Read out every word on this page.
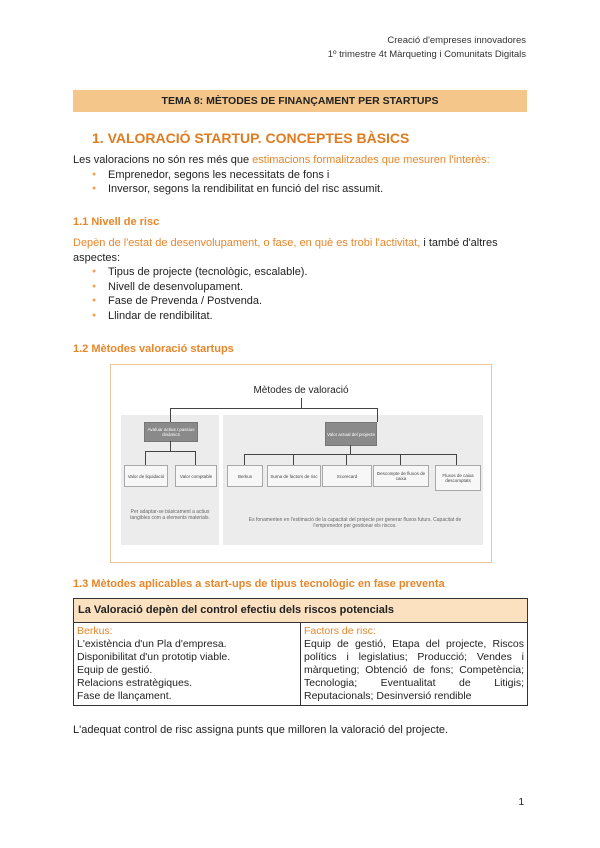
Creació d'empreses innovadores
1º trimestre 4t Màrqueting i Comunitats Digitals
TEMA 8: MÈTODES DE FINANÇAMENT PER STARTUPS
1. VALORACIÓ STARTUP. CONCEPTES BÀSICS
Les valoracions no són res més que estimacions formalitzades que mesuren l'interès:
● Emprenedor, segons les necessitats de fons i
● Inversor, segons la rendibilitat en funció del risc assumit.
1.1 Nivell de risc
Depèn de l'estat de desenvolupament, o fase, en què es trobi l'activitat, i també d'altres aspectes:
● Tipus de projecte (tecnològic, escalable).
● Nivell de desenvolupament.
● Fase de Prevenda / Postvenda.
● Llindar de rendibilitat.
1.2 Mètodes valoració startups
Mètodes de valoració
Avaluar actius i passius dinàmics
Valor de liquidació	Valor comptable
Per adaptar-se bàsicament a actius tangibles com a elements materials.
Valor actual del projecte
Berkus	Suma de factors de risc	Scorecard	Descompte de fluxos de caixa
Fluxos de caixa descomptats
Es fonamenten en l'estimació de la capacitat del projecte per generar fluxos futurs. Capacitat de l'emprenedor per gestionar els riscos.
1.3 Mètodes aplicables a start-ups de tipus tecnològic en fase preventa
La Valoració depèn del control efectiu dels riscos potencials

Berkus:
L'existència d'un Pla d'empresa.
Disponibilitat d'un prototip viable.
Equip de gestió.
Relacions estratègiques.
Fase de llançament.

Factors de risc:
Equip de gestió, Etapa del projecte, Riscos polítics i legislatius; Producció; Vendes i màrqueting; Obtenció de fons; Competència; Tecnologia; Eventualitat de Litigis; Reputacionals; Desinversió rendible
L'adequat control de risc assigna punts que milloren la valoració del projecte.
1
